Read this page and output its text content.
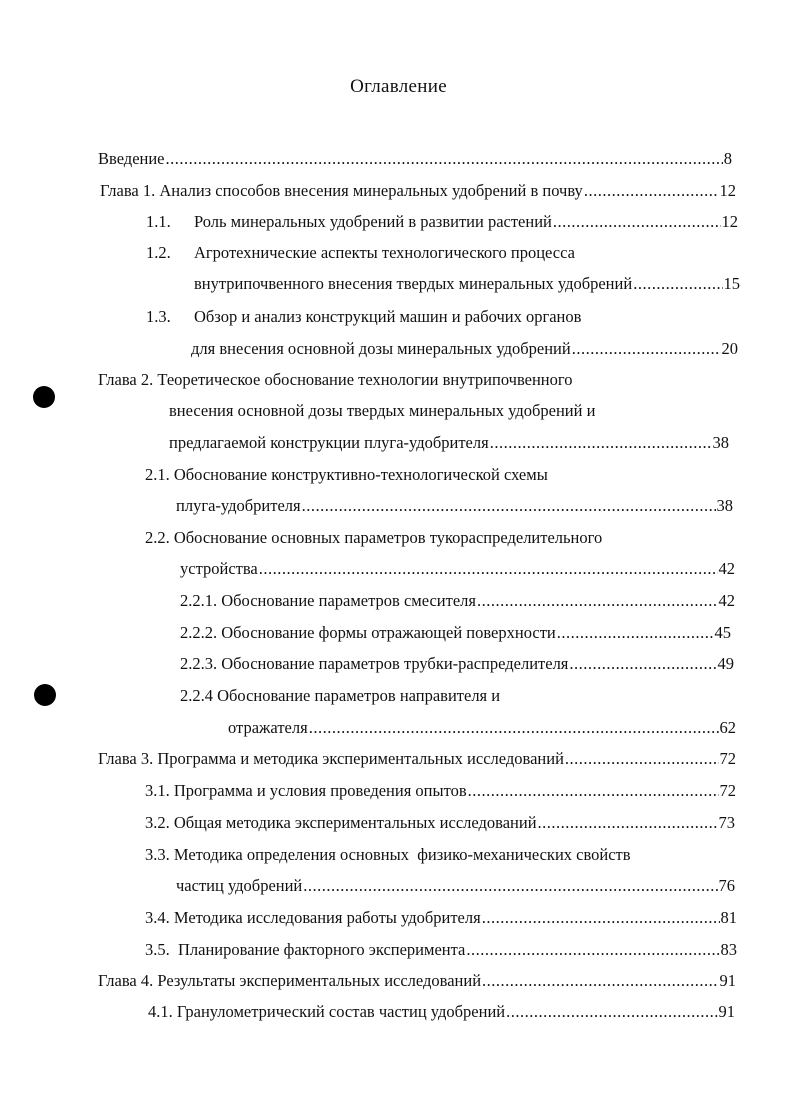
Оглавление
Введение .....	8
Глава 1. Анализ способов внесения минеральных удобрений в почву .....	12
1.1. Роль минеральных удобрений в развитии растений .....	12
1.2. Агротехнические аспекты технологического процесса
внутрипочвенного внесения твердых минеральных удобрений .....	15
1.3. Обзор и анализ конструкций машин и рабочих органов
для внесения основной дозы минеральных удобрений .....	20
Глава 2. Теоретическое обоснование технологии внутрипочвенного
внесения основной дозы твердых минеральных удобрений и
предлагаемой конструкции плуга-удобрителя .....	38
2.1. Обоснование конструктивно-технологической схемы
плуга-удобрителя .....	38
2.2. Обоснование основных параметров тукораспределительного
устройства .....	42
2.2.1. Обоснование параметров смесителя .....	42
2.2.2. Обоснование формы отражающей поверхности .....	45
2.2.3. Обоснование параметров трубки-распределителя .....	49
2.2.4 Обоснование параметров направителя и
отражателя .....	62
Глава 3. Программа и методика экспериментальных исследований .....	72
3.1. Программа и условия проведения опытов .....	72
3.2. Общая методика экспериментальных исследований .....	73
3.3. Методика определения основных  физико-механических свойств
частиц удобрений .....	76
3.4. Методика исследования работы удобрителя .....	81
3.5.  Планирование факторного эксперимента .....	83
Глава 4. Результаты экспериментальных исследований .....	91
4.1. Гранулометрический состав частиц удобрений .....	91
